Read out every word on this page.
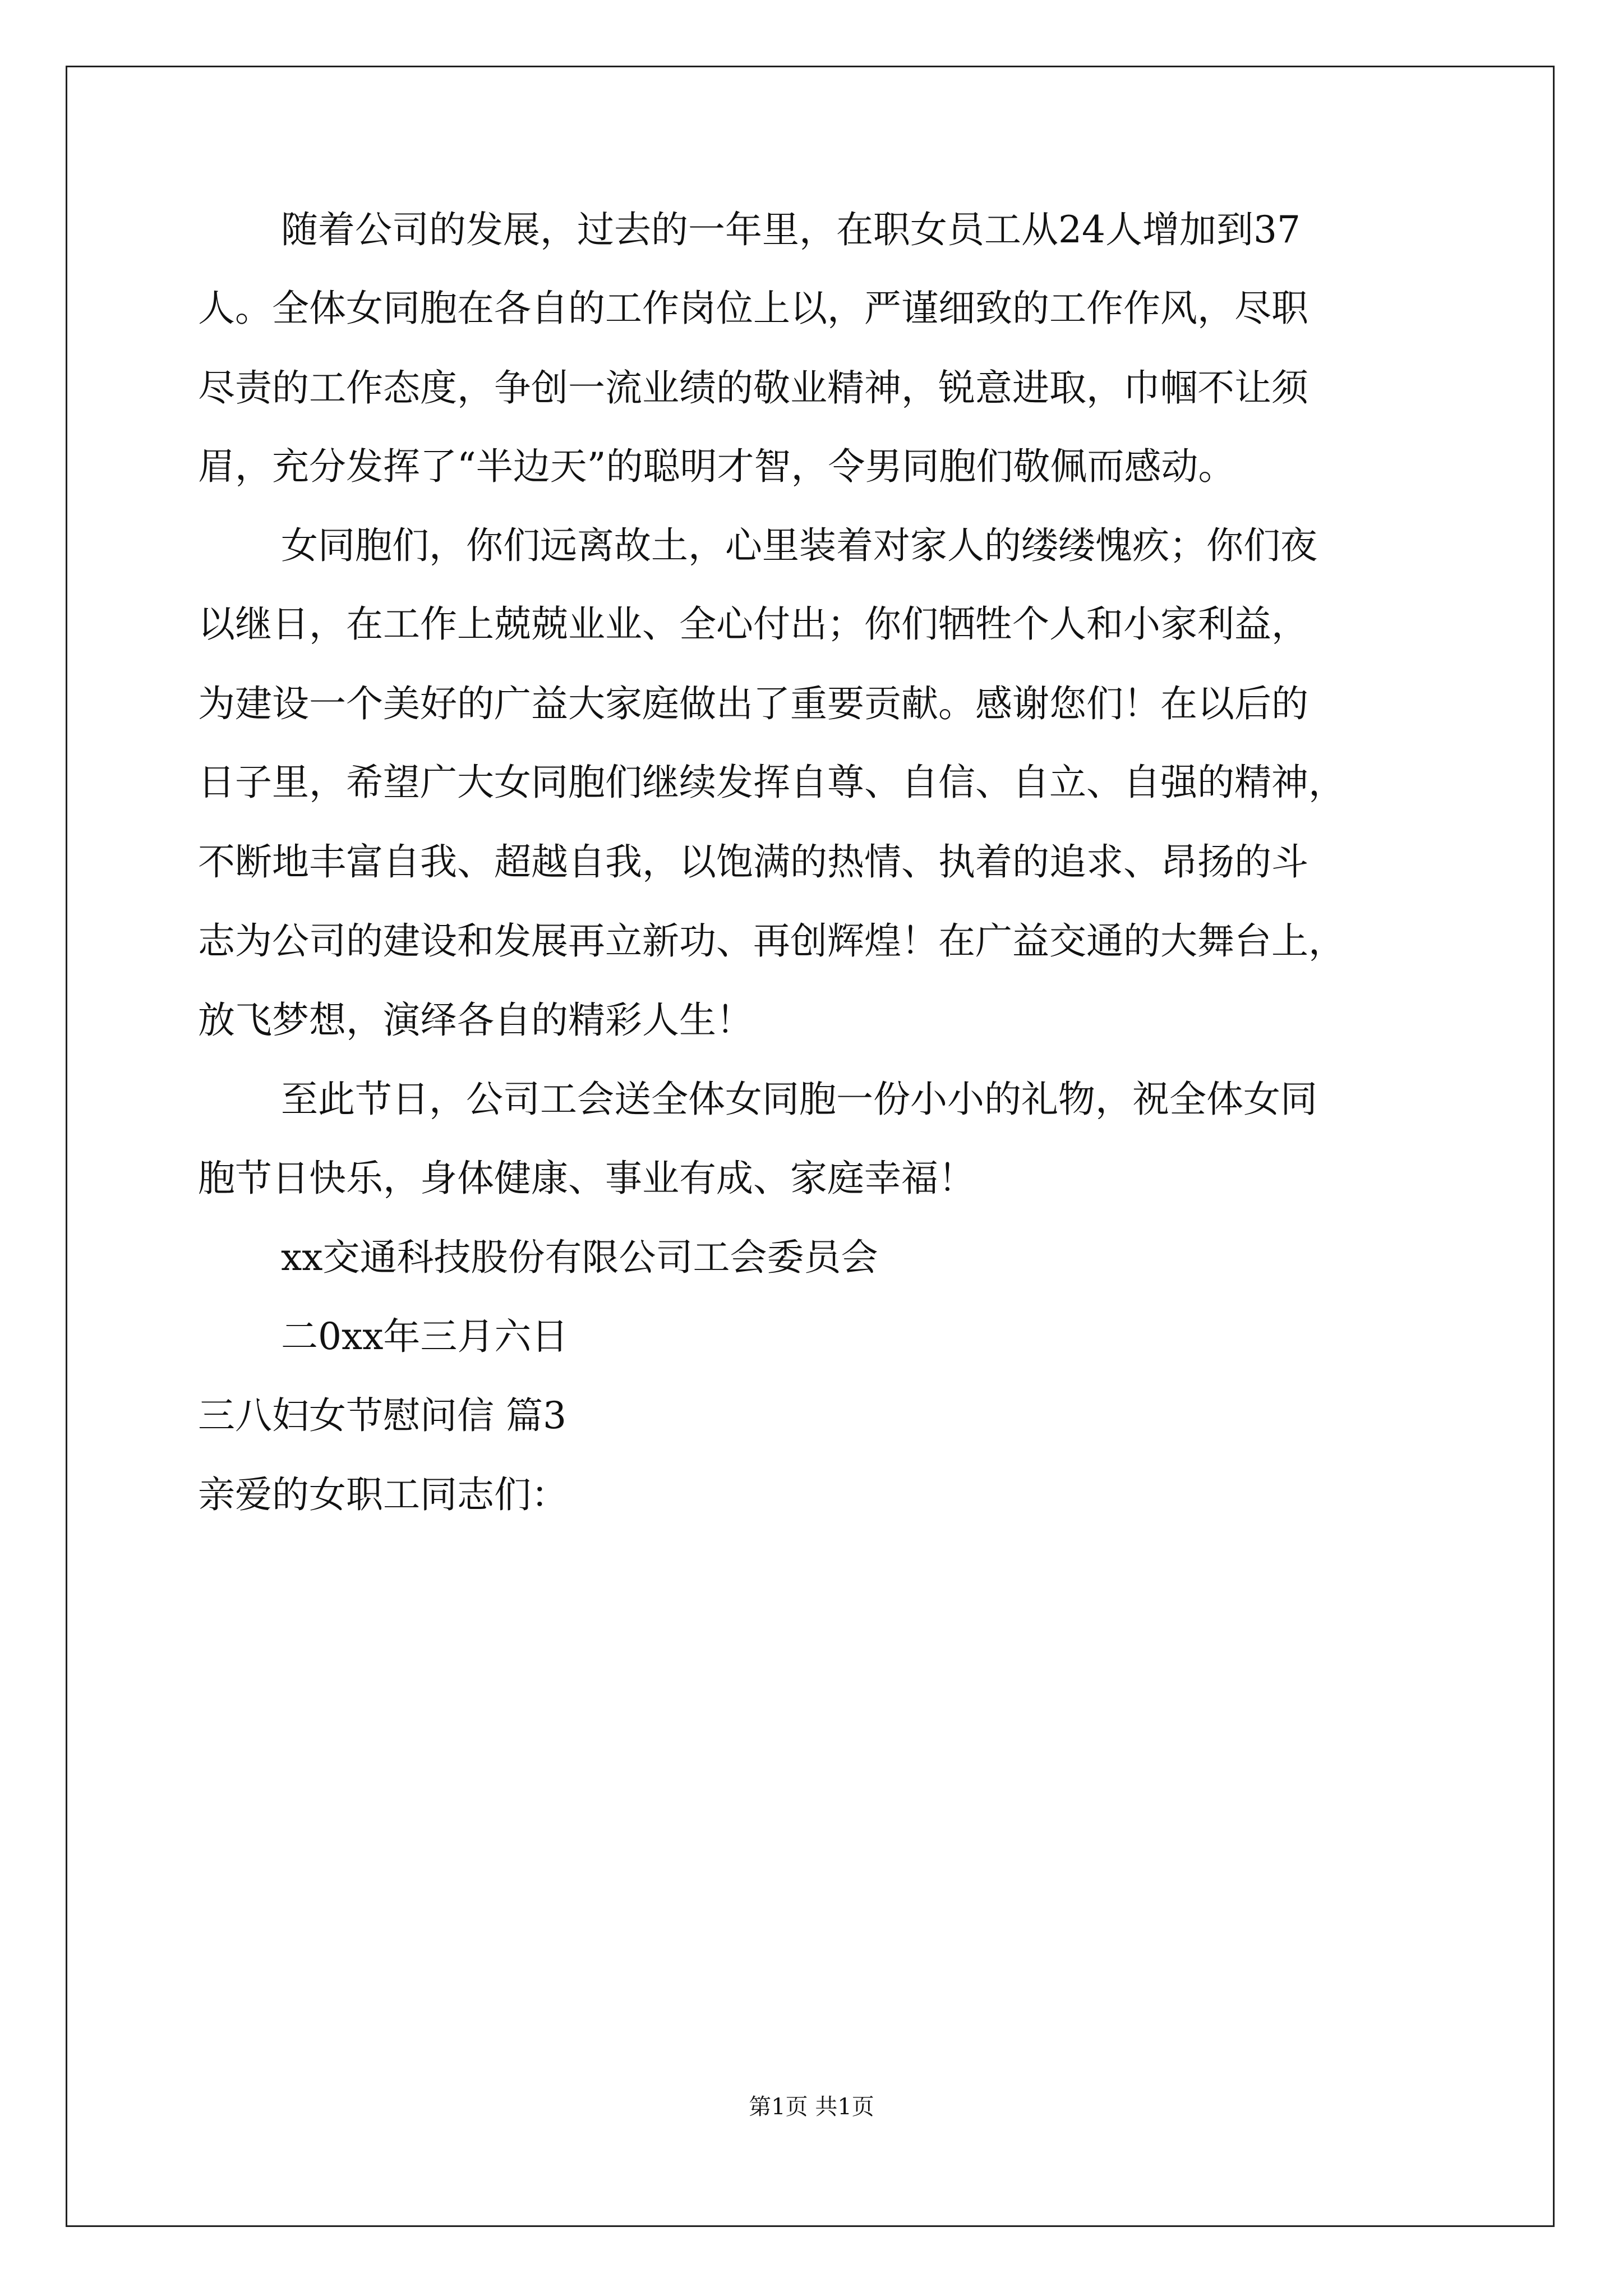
随着公司的发展，过去的一年里，在职女员工从24人增加到37
人。全体女同胞在各自的工作岗位上以，严谨细致的工作作风，尽职
尽责的工作态度，争创一流业绩的敬业精神，锐意进取，巾帼不让须
眉，充分发挥了“半边天”的聪明才智，令男同胞们敬佩而感动。
女同胞们，你们远离故土，心里装着对家人的缕缕愧疚；你们夜
以继日，在工作上兢兢业业、全心付出；你们牺牲个人和小家利益，
为建设一个美好的广益大家庭做出了重要贡献。感谢您们！在以后的
日子里，希望广大女同胞们继续发挥自尊、自信、自立、自强的精神，
不断地丰富自我、超越自我，以饱满的热情、执着的追求、昂扬的斗
志为公司的建设和发展再立新功、再创辉煌！在广益交通的大舞台上，
放飞梦想，演绎各自的精彩人生！
至此节日，公司工会送全体女同胞一份小小的礼物，祝全体女同
胞节日快乐，身体健康、事业有成、家庭幸福！
xx交通科技股份有限公司工会委员会
二0xx年三月六日
三八妇女节慰问信 篇3
亲爱的女职工同志们：
第1页 共1页
